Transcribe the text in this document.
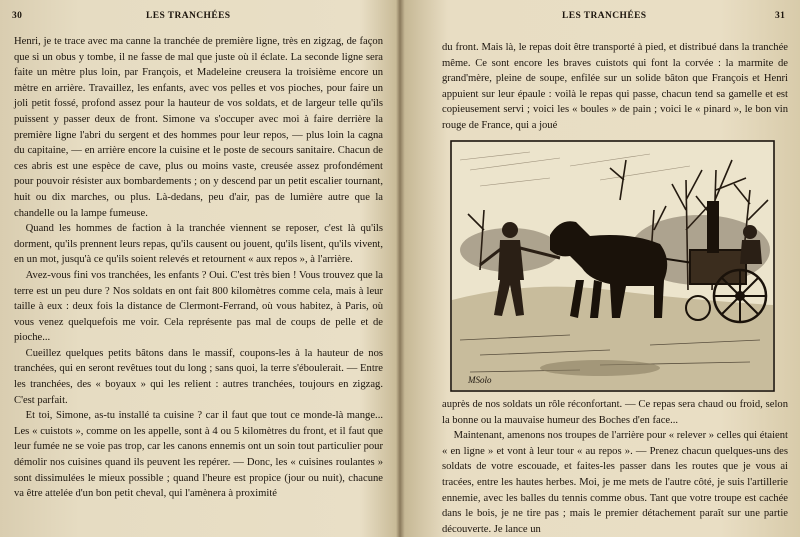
30	LES TRANCHÉES

Henri, je te trace avec ma canne la tranchée de première ligne, très en zigzag, de façon que si un obus y tombe, il ne fasse de mal que juste où il éclate. La seconde ligne sera faite un mètre plus loin, par François, et Madeleine creusera la troisième encore un mètre en arrière. Travaillez, les enfants, avec vos pelles et vos pioches, pour faire un joli petit fossé, profond assez pour la hauteur de vos soldats, et de largeur telle qu'ils puissent y passer deux de front. Simone va s'occuper avec moi à faire derrière la première ligne l'abri du sergent et des hommes pour leur repos, — plus loin la cagna du capitaine, — en arrière encore la cuisine et le poste de secours sanitaire. Chacun de ces abris est une espèce de cave, plus ou moins vaste, creusée assez profondément pour pouvoir résister aux bombardements ; on y descend par un petit escalier tournant, huit ou dix marches, ou plus. Là-dedans, peu d'air, pas de lumière autre que la chandelle ou la lampe fumeuse.

Quand les hommes de faction à la tranchée viennent se reposer, c'est là qu'ils dorment, qu'ils prennent leurs repas, qu'ils causent ou jouent, qu'ils lisent, qu'ils vivent, en un mot, jusqu'à ce qu'ils soient relevés et retournent « aux repos », à l'arrière.

Avez-vous fini vos tranchées, les enfants ? Oui. C'est très bien ! Vous trouvez que la terre est un peu dure ? Nos soldats en ont fait 800 kilomètres comme cela, mais à leur taille à eux : deux fois la distance de Clermont-Ferrand, où vous habitez, à Paris, où vous venez quelquefois me voir. Cela représente pas mal de coups de pelle et de pioche...

Cueillez quelques petits bâtons dans le massif, coupons-les à la hauteur de nos tranchées, qui en seront revêtues tout du long ; sans quoi, la terre s'éboulerait. — Entre les tranchées, des « boyaux » qui les relient : autres tranchées, toujours en zigzag. C'est parfait.

Et toi, Simone, as-tu installé ta cuisine ? car il faut que tout ce monde-là mange... Les « cuistots », comme on les appelle, sont à 4 ou 5 kilomètres du front, et il faut que leur fumée ne se voie pas trop, car les canons ennemis ont un soin tout particulier pour démolir nos cuisines quand ils peuvent les repérer. — Donc, les « cuisines roulantes » sont dissimulées le mieux possible ; quand l'heure est propice (jour ou nuit), chacune va être attelée d'un bon petit cheval, qui l'amènera à proximité

LES TRANCHÉES	31

du front. Mais là, le repas doit être transporté à pied, et distribué dans la tranchée même. Ce sont encore les braves cuistots qui font la corvée : la marmite de grand'mère, pleine de soupe, enfilée sur un solide bâton que François et Henri appuient sur leur épaule : voilà le repas qui passe, chacun tend sa gamelle et est copieusement servi ; voici les « boules » de pain ; voici le « pinard », le bon vin rouge de France, qui a joué

MSolo

auprès de nos soldats un rôle réconfortant. — Ce repas sera chaud ou froid, selon la bonne ou la mauvaise humeur des Boches d'en face...

Maintenant, amenons nos troupes de l'arrière pour « relever » celles qui étaient « en ligne » et vont à leur tour « au repos ». — Prenez chacun quelques-uns des soldats de votre escouade, et faites-les passer dans les routes que je vous ai tracées, entre les hautes herbes. Moi, je me mets de l'autre côté, je suis l'artillerie ennemie, avec les balles du tennis comme obus. Tant que votre troupe est cachée dans le bois, je ne tire pas ; mais le premier détachement paraît sur une partie découverte. Je lance un
